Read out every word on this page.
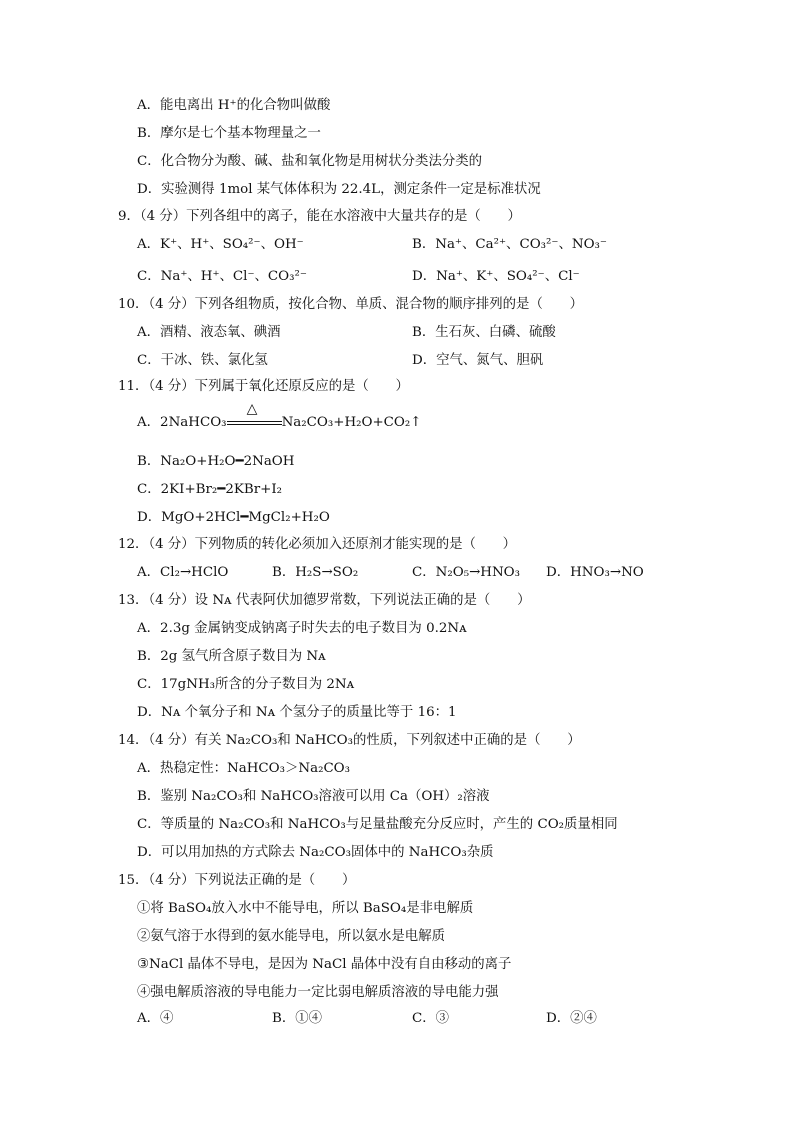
A．能电离出 H⁺的化合物叫做酸
B．摩尔是七个基本物理量之一
C．化合物分为酸、碱、盐和氧化物是用树状分类法分类的
D．实验测得 1mol 某气体体积为 22.4L，测定条件一定是标准状况
9．（4 分）下列各组中的离子，能在水溶液中大量共存的是（　　）
A．K⁺、H⁺、SO₄²⁻、OH⁻	B．Na⁺、Ca²⁺、CO₃²⁻、NO₃⁻
C．Na⁺、H⁺、Cl⁻、CO₃²⁻	D．Na⁺、K⁺、SO₄²⁻、Cl⁻
10．（4 分）下列各组物质，按化合物、单质、混合物的顺序排列的是（　　）
A．酒精、液态氧、碘酒	B．生石灰、白磷、硫酸
C．干冰、铁、氯化氢	D．空气、氮气、胆矾
11．（4 分）下列属于氧化还原反应的是（　　）
A．2NaHCO₃
△
Na₂CO₃+H₂O+CO₂↑
B．Na₂O+H₂O━2NaOH
C．2KI+Br₂━2KBr+I₂
D．MgO+2HCl━MgCl₂+H₂O
12．（4 分）下列物质的转化必须加入还原剂才能实现的是（　　）
A．Cl₂→HClO	B．H₂S→SO₂	C．N₂O₅→HNO₃ D．HNO₃→NO
13．（4 分）设 Nᴀ 代表阿伏加德罗常数，下列说法正确的是（　　）
A．2.3g 金属钠变成钠离子时失去的电子数目为 0.2Nᴀ
B．2g 氢气所含原子数目为 Nᴀ
C．17gNH₃所含的分子数目为 2Nᴀ
D．Nᴀ 个氧分子和 Nᴀ 个氢分子的质量比等于 16：1
14．（4 分）有关 Na₂CO₃和 NaHCO₃的性质，下列叙述中正确的是（　　）
A．热稳定性：NaHCO₃＞Na₂CO₃
B．鉴别 Na₂CO₃和 NaHCO₃溶液可以用 Ca（OH）₂溶液
C．等质量的 Na₂CO₃和 NaHCO₃与足量盐酸充分反应时，产生的 CO₂质量相同
D．可以用加热的方式除去 Na₂CO₃固体中的 NaHCO₃杂质
15．（4 分）下列说法正确的是（　　）
①将 BaSO₄放入水中不能导电，所以 BaSO₄是非电解质
②氨气溶于水得到的氨水能导电，所以氨水是电解质
③NaCl 晶体不导电，是因为 NaCl 晶体中没有自由移动的离子
④强电解质溶液的导电能力一定比弱电解质溶液的导电能力强
A．④	B．①④	C．③	D．②④
